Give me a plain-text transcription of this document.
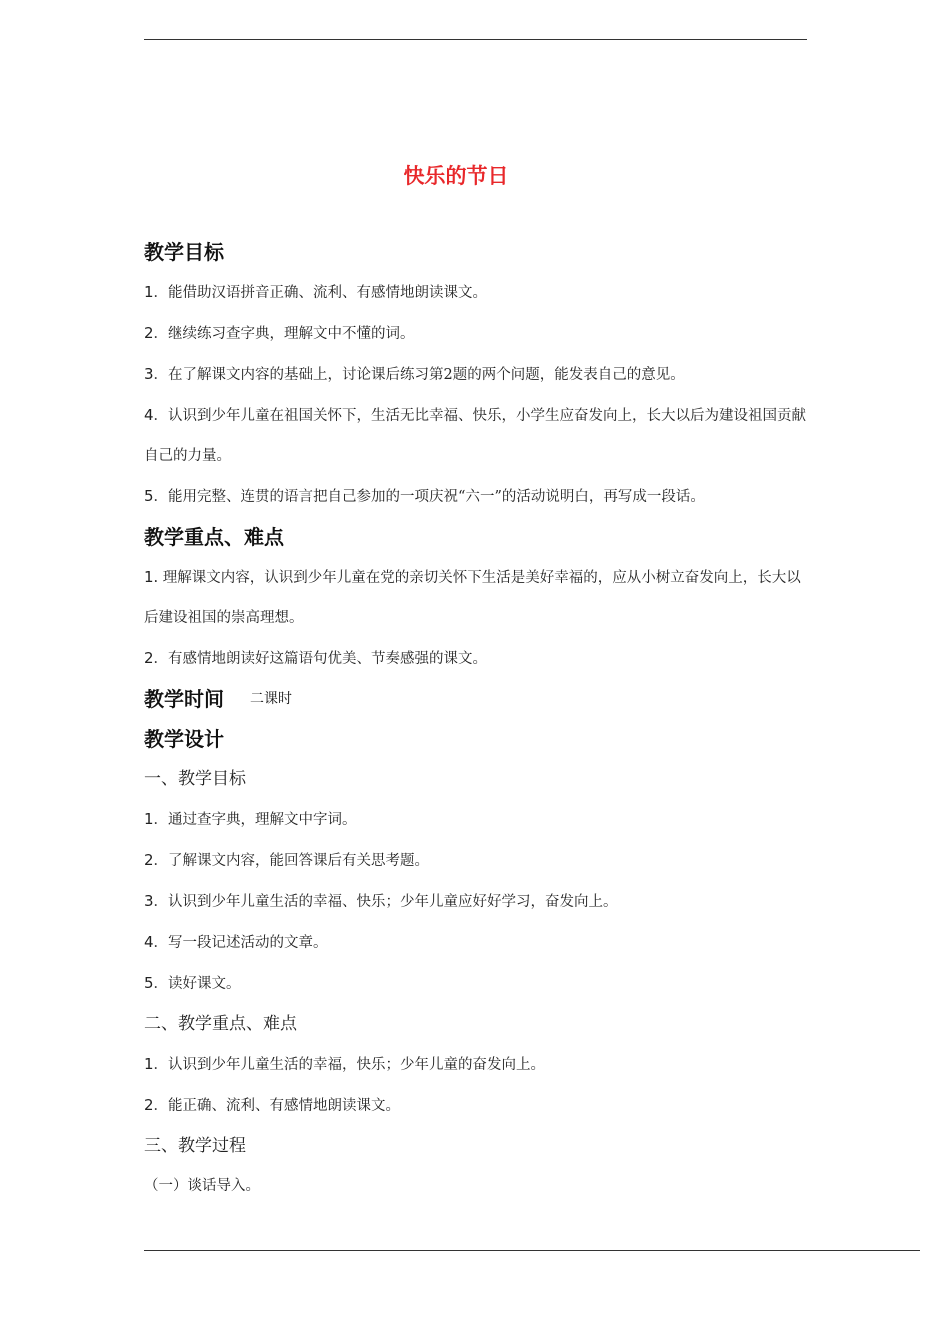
快乐的节日
教学目标

1．能借助汉语拼音正确、流利、有感情地朗读课文。

2．继续练习查字典，理解文中不懂的词。

3．在了解课文内容的基础上，讨论课后练习第2题的两个问题，能发表自己的意见。

4．认识到少年儿童在祖国关怀下，生活无比幸福、快乐，小学生应奋发向上，长大以后为建设祖国贡献自己的力量。

5．能用完整、连贯的语言把自己参加的一项庆祝“六一”的活动说明白，再写成一段话。

教学重点、难点

1. 理解课文内容，认识到少年儿童在党的亲切关怀下生活是美好幸福的，应从小树立奋发向上，长大以后建设祖国的崇高理想。

2．有感情地朗读好这篇语句优美、节奏感强的课文。

教学时间 二课时
教学设计

一、教学目标

1．通过查字典，理解文中字词。

2．了解课文内容，能回答课后有关思考题。

3．认识到少年儿童生活的幸福、快乐；少年儿童应好好学习，奋发向上。

4．写一段记述活动的文章。

5．读好课文。

二、教学重点、难点

1．认识到少年儿童生活的幸福，快乐；少年儿童的奋发向上。

2．能正确、流利、有感情地朗读课文。

三、教学过程

（一）谈话导入。
